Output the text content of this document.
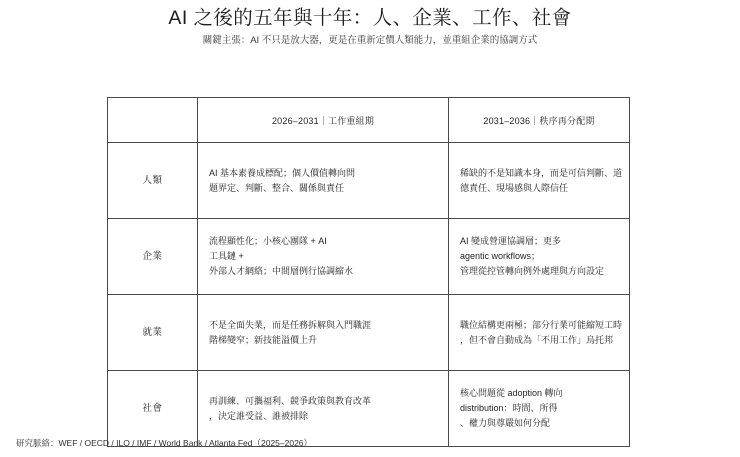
AI 之後的五年與十年：人、企業、工作、社會
關鍵主張：AI 不只是放大器，更是在重新定價人類能力，並重組企業的協調方式
	2026–2031｜工作重組期	2031–2036｜秩序再分配期
人類	AI 基本素養成標配；個人價值轉向問
題界定、判斷、整合、關係與責任	稀缺的不是知識本身，而是可信判斷、道
德責任、現場感與人際信任

企業	流程顯性化；小核心團隊 + AI
工具鏈 +
外部人才網絡；中間層例行協調縮水	AI 變成營運協調層；更多
agentic workflows；
管理從控管轉向例外處理與方向設定

就業	不是全面失業，而是任務拆解與入門職涯
階梯變窄；新技能溢價上升	職位結構更兩極；部分行業可能縮短工時
，但不會自動成為「不用工作」烏托邦

社會	再訓練、可攜福利、競爭政策與教育改革
，決定誰受益、誰被排除	核心問題從 adoption 轉向
distribution：時間、所得
、權力與尊嚴如何分配
研究脈絡：WEF / OECD / ILO / IMF / World Bank / Atlanta Fed（2025–2026）
